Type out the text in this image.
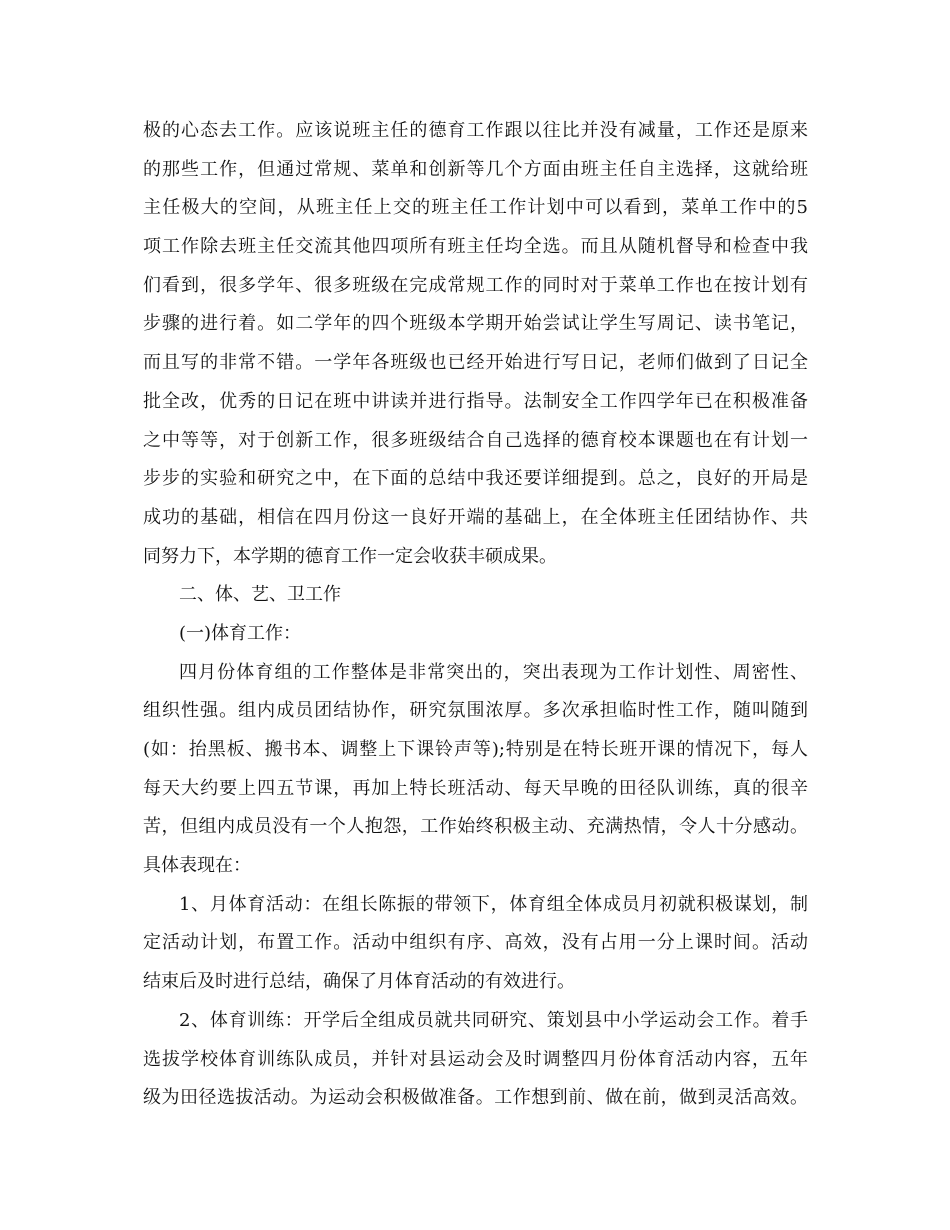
极的心态去工作。应该说班主任的德育工作跟以往比并没有减量，工作还是原来
的那些工作，但通过常规、菜单和创新等几个方面由班主任自主选择，这就给班
主任极大的空间，从班主任上交的班主任工作计划中可以看到，菜单工作中的5
项工作除去班主任交流其他四项所有班主任均全选。而且从随机督导和检查中我
们看到，很多学年、很多班级在完成常规工作的同时对于菜单工作也在按计划有
步骤的进行着。如二学年的四个班级本学期开始尝试让学生写周记、读书笔记，
而且写的非常不错。一学年各班级也已经开始进行写日记，老师们做到了日记全
批全改，优秀的日记在班中讲读并进行指导。法制安全工作四学年已在积极准备
之中等等，对于创新工作，很多班级结合自己选择的德育校本课题也在有计划一
步步的实验和研究之中，在下面的总结中我还要详细提到。总之，良好的开局是
成功的基础，相信在四月份这一良好开端的基础上，在全体班主任团结协作、共
同努力下，本学期的德育工作一定会收获丰硕成果。
二、体、艺、卫工作
(一)体育工作：
四月份体育组的工作整体是非常突出的，突出表现为工作计划性、周密性、
组织性强。组内成员团结协作，研究氛围浓厚。多次承担临时性工作，随叫随到
(如：抬黑板、搬书本、调整上下课铃声等);特别是在特长班开课的情况下，每人
每天大约要上四五节课，再加上特长班活动、每天早晚的田径队训练，真的很辛
苦，但组内成员没有一个人抱怨，工作始终积极主动、充满热情，令人十分感动。
具体表现在：
1、月体育活动：在组长陈振的带领下，体育组全体成员月初就积极谋划，制
定活动计划，布置工作。活动中组织有序、高效，没有占用一分上课时间。活动
结束后及时进行总结，确保了月体育活动的有效进行。
2、体育训练：开学后全组成员就共同研究、策划县中小学运动会工作。着手
选拔学校体育训练队成员，并针对县运动会及时调整四月份体育活动内容，五年
级为田径选拔活动。为运动会积极做准备。工作想到前、做在前，做到灵活高效。
